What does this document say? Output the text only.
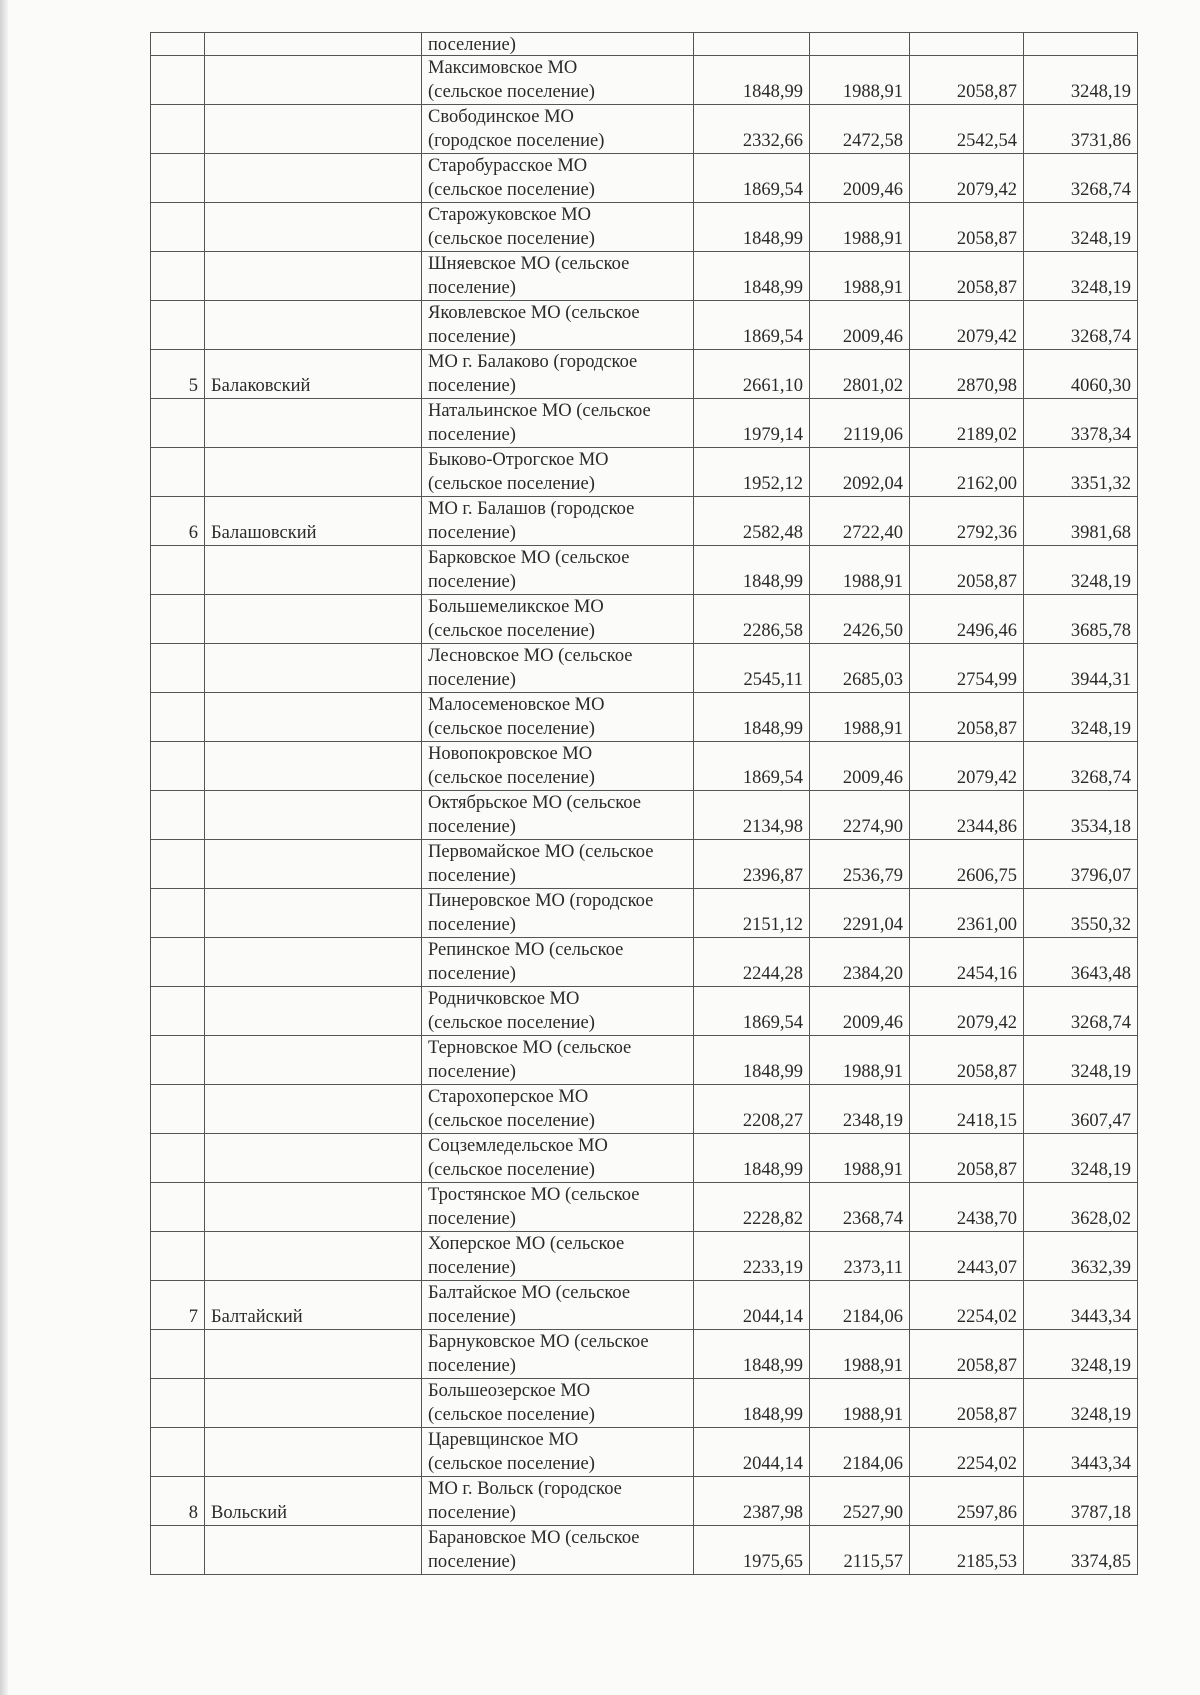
		поселение)				

		Максимовское МО
(сельское поселение)	1848,99	1988,91	2058,87	3248,19

		Свободинское МО
(городское поселение)	2332,66	2472,58	2542,54	3731,86

		Старобурасское МО
(сельское поселение)	1869,54	2009,46	2079,42	3268,74

		Старожуковское МО
(сельское поселение)	1848,99	1988,91	2058,87	3248,19

		Шняевское МО (сельское
поселение)	1848,99	1988,91	2058,87	3248,19

		Яковлевское МО (сельское
поселение)	1869,54	2009,46	2079,42	3268,74
5	Балаковский	МО г. Балаково (городское
поселение)	2661,10	2801,02	2870,98	4060,30

		Натальинское МО (сельское
поселение)	1979,14	2119,06	2189,02	3378,34

		Быково-Отрогское МО
(сельское поселение)	1952,12	2092,04	2162,00	3351,32
6	Балашовский	МО г. Балашов (городское
поселение)	2582,48	2722,40	2792,36	3981,68

		Барковское МО (сельское
поселение)	1848,99	1988,91	2058,87	3248,19

		Большемеликское МО
(сельское поселение)	2286,58	2426,50	2496,46	3685,78

		Лесновское МО (сельское
поселение)	2545,11	2685,03	2754,99	3944,31

		Малосеменовское МО
(сельское поселение)	1848,99	1988,91	2058,87	3248,19

		Новопокровское МО
(сельское поселение)	1869,54	2009,46	2079,42	3268,74

		Октябрьское МО (сельское
поселение)	2134,98	2274,90	2344,86	3534,18

		Первомайское МО (сельское
поселение)	2396,87	2536,79	2606,75	3796,07

		Пинеровское МО (городское
поселение)	2151,12	2291,04	2361,00	3550,32

		Репинское МО (сельское
поселение)	2244,28	2384,20	2454,16	3643,48

		Родничковское МО
(сельское поселение)	1869,54	2009,46	2079,42	3268,74

		Терновское МО (сельское
поселение)	1848,99	1988,91	2058,87	3248,19

		Старохоперское МО
(сельское поселение)	2208,27	2348,19	2418,15	3607,47

		Соцземледельское МО
(сельское поселение)	1848,99	1988,91	2058,87	3248,19

		Тростянское МО (сельское
поселение)	2228,82	2368,74	2438,70	3628,02

		Хоперское МО (сельское
поселение)	2233,19	2373,11	2443,07	3632,39
7	Балтайский	Балтайское МО (сельское
поселение)	2044,14	2184,06	2254,02	3443,34

		Барнуковское МО (сельское
поселение)	1848,99	1988,91	2058,87	3248,19

		Большеозерское МО
(сельское поселение)	1848,99	1988,91	2058,87	3248,19

		Царевщинское МО
(сельское поселение)	2044,14	2184,06	2254,02	3443,34
8	Вольский	МО г. Вольск (городское
поселение)	2387,98	2527,90	2597,86	3787,18

		Барановское МО (сельское
поселение)	1975,65	2115,57	2185,53	3374,85
